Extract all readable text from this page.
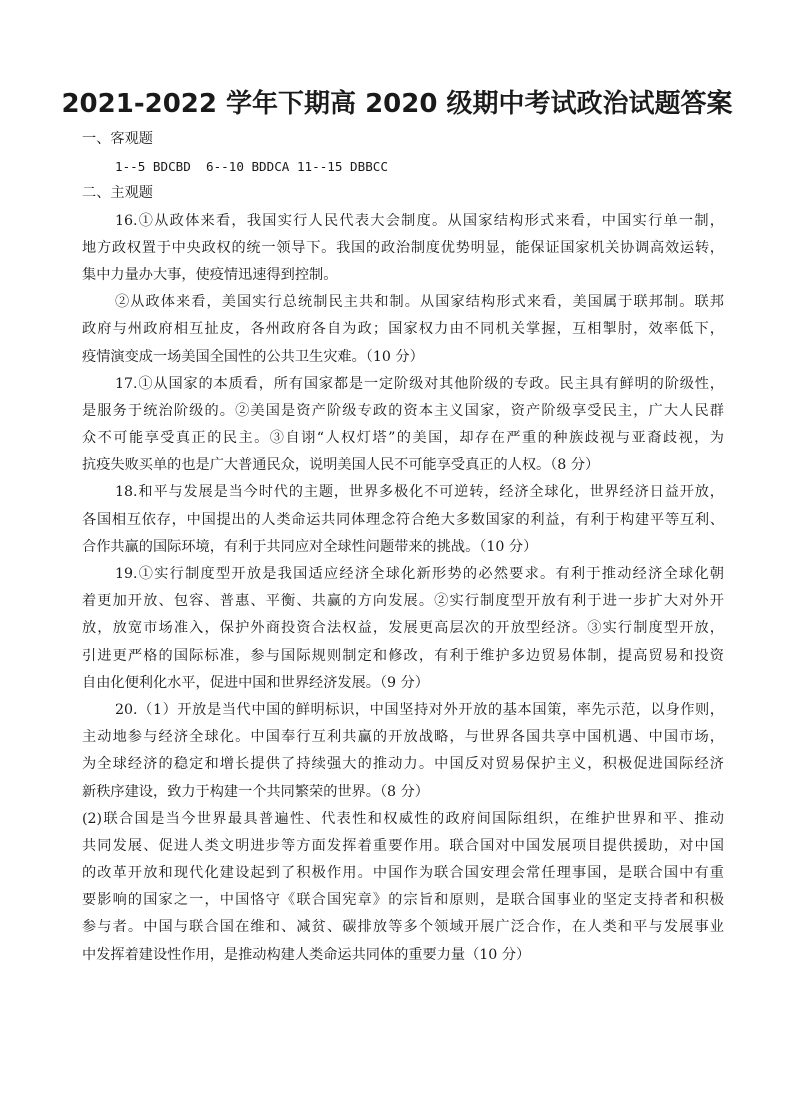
2021-2022 学年下期高 2020 级期中考试政治试题答案

一、客观题

1--5 BDCBD  6--10 BDDCA 11--15 DBBCC

二、主观题

16.①从政体来看，我国实行人民代表大会制度。从国家结构形式来看，中国实行单一制，

地方政权置于中央政权的统一领导下。我国的政治制度优势明显，能保证国家机关协调高效运转，

集中力量办大事，使疫情迅速得到控制。

②从政体来看，美国实行总统制民主共和制。从国家结构形式来看，美国属于联邦制。联邦

政府与州政府相互扯皮，各州政府各自为政；国家权力由不同机关掌握，互相掣肘，效率低下，

疫情演变成一场美国全国性的公共卫生灾难。（10 分）

17.①从国家的本质看，所有国家都是一定阶级对其他阶级的专政。民主具有鲜明的阶级性，

是服务于统治阶级的。②美国是资产阶级专政的资本主义国家，资产阶级享受民主，广大人民群

众不可能享受真正的民主。③自诩“人权灯塔”的美国，却存在严重的种族歧视与亚裔歧视，为

抗疫失败买单的也是广大普通民众，说明美国人民不可能享受真正的人权。（8 分）

18.和平与发展是当今时代的主题，世界多极化不可逆转，经济全球化，世界经济日益开放，

各国相互依存，中国提出的人类命运共同体理念符合绝大多数国家的利益，有利于构建平等互利、

合作共赢的国际环境，有利于共同应对全球性问题带来的挑战。（10 分）

19.①实行制度型开放是我国适应经济全球化新形势的必然要求。有利于推动经济全球化朝

着更加开放、包容、普惠、平衡、共赢的方向发展。②实行制度型开放有利于进一步扩大对外开

放，放宽市场准入，保护外商投资合法权益，发展更高层次的开放型经济。③实行制度型开放，

引进更严格的国际标准，参与国际规则制定和修改，有利于维护多边贸易体制，提高贸易和投资

自由化便利化水平，促进中国和世界经济发展。（9 分）

20.（1）开放是当代中国的鲜明标识，中国坚持对外开放的基本国策，率先示范，以身作则，

主动地参与经济全球化。中国奉行互利共赢的开放战略，与世界各国共享中国机遇、中国市场，

为全球经济的稳定和增长提供了持续强大的推动力。中国反对贸易保护主义，积极促进国际经济

新秩序建设，致力于构建一个共同繁荣的世界。（8 分）

(2)联合国是当今世界最具普遍性、代表性和权威性的政府间国际组织，在维护世界和平、推动

共同发展、促进人类文明进步等方面发挥着重要作用。联合国对中国发展项目提供援助，对中国

的改革开放和现代化建设起到了积极作用。中国作为联合国安理会常任理事国，是联合国中有重

要影响的国家之一，中国恪守《联合国宪章》的宗旨和原则，是联合国事业的坚定支持者和积极

参与者。中国与联合国在维和、减贫、碳排放等多个领域开展广泛合作，在人类和平与发展事业

中发挥着建设性作用，是推动构建人类命运共同体的重要力量（10 分）
